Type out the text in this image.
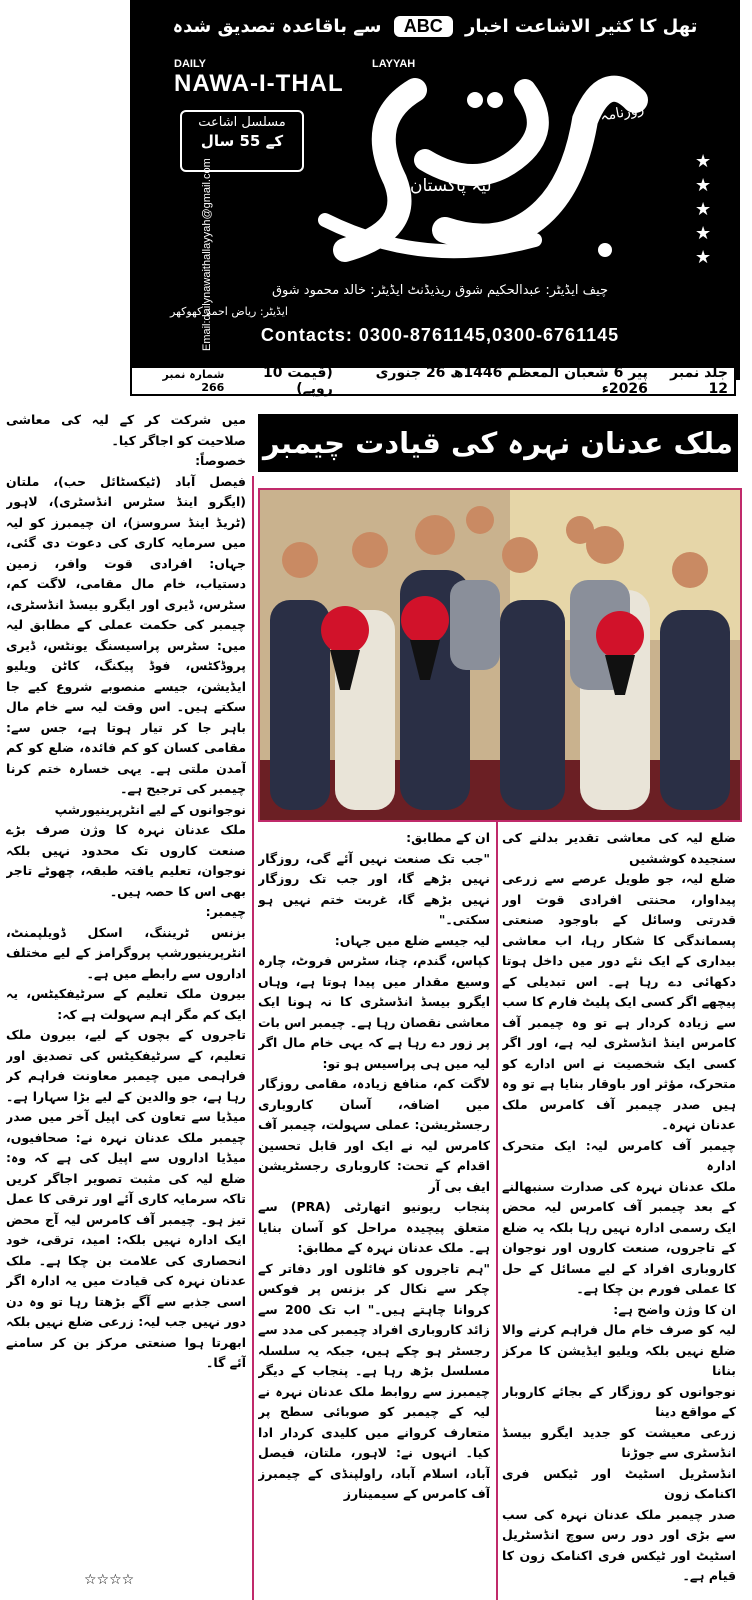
تھل کا کثیر الاشاعت اخبار ABC سے باقاعدہ تصدیق شدہ
DAILY	LAYYAH
NAWA-I-THAL
Email:dailynawaithallayyah@gmail.com
مسلسل اشاعت
کے 55 سال
روزنامہ
لیہ پاکستان
★
★
★
★
★
چیف ایڈیٹر: عبدالحکیم شوق ریذیڈنٹ ایڈیٹر: خالد محمود شوق
ایڈیٹر: ریاض احمد کھوکھر
Contacts: 0300-8761145,0300-6761145
جلد نمبر 12
پیر 6 شعبان المعظم 1446ھ 26 جنوری 2026ء
(قیمت 10 روپے)
شمارہ نمبر 266
ملک عدنان نہرہ کی قیادت چیمبر
میں شرکت کر کے لیہ کی معاشی صلاحیت کو اجاگر کیا۔
خصوصاً:
فیصل آباد (ٹیکسٹائل حب)، ملتان (ایگرو اینڈ سٹرس انڈسٹری)، لاہور (ٹریڈ اینڈ سروسز)، ان چیمبرز کو لیہ میں سرمایہ کاری کی دعوت دی گئی، جہاں: افرادی قوت وافر، زمین دستیاب، خام مال مقامی، لاگت کم، سٹرس، ڈیری اور ایگرو بیسڈ انڈسٹری، چیمبر کی حکمت عملی کے مطابق لیہ میں: سٹرس پراسیسنگ یونٹس، ڈیری پروڈکٹس، فوڈ پیکنگ، کاٹن ویلیو ایڈیشن، جیسے منصوبے شروع کیے جا سکتے ہیں۔ اس وقت لیہ سے خام مال باہر جا کر تیار ہوتا ہے، جس سے: مقامی کسان کو کم فائدہ، ضلع کو کم آمدن ملتی ہے۔ یہی خسارہ ختم کرنا چیمبر کی ترجیح ہے۔
نوجوانوں کے لیے انٹرپرینیورشپ
ملک عدنان نہرہ کا وژن صرف بڑے صنعت کاروں تک محدود نہیں بلکہ نوجوان، تعلیم یافتہ طبقہ، چھوٹے تاجر بھی اس کا حصہ ہیں۔
چیمبر:
بزنس ٹریننگ، اسکل ڈویلپمنٹ، انٹرپرینیورشپ پروگرامز کے لیے مختلف اداروں سے رابطے میں ہے۔
بیرون ملک تعلیم کے سرٹیفکیٹس، یہ ایک کم مگر اہم سہولت ہے کہ:
تاجروں کے بچوں کے لیے، بیرون ملک تعلیم، کے سرٹیفکیٹس کی تصدیق اور فراہمی میں چیمبر معاونت فراہم کر رہا ہے، جو والدین کے لیے بڑا سہارا ہے۔ میڈیا سے تعاون کی اپیل آخر میں صدر چیمبر ملک عدنان نہرہ نے: صحافیوں، میڈیا اداروں سے اپیل کی ہے کہ وہ: ضلع لیہ کی مثبت تصویر اجاگر کریں تاکہ سرمایہ کاری آئے اور ترقی کا عمل تیز ہو۔ چیمبر آف کامرس لیہ آج محض ایک ادارہ نہیں بلکہ: امید، ترقی، خود انحصاری کی علامت بن چکا ہے۔ ملک عدنان نہرہ کی قیادت میں یہ ادارہ اگر اسی جذبے سے آگے بڑھتا رہا تو وہ دن دور نہیں جب لیہ: زرعی ضلع نہیں بلکہ ابھرتا ہوا صنعتی مرکز بن کر سامنے آئے گا۔
ان کے مطابق:
"جب تک صنعت نہیں آئے گی، روزگار نہیں بڑھے گا، اور جب تک روزگار نہیں بڑھے گا، غربت ختم نہیں ہو سکتی۔"
لیہ جیسے ضلع میں جہاں:
کپاس، گندم، چنا، سٹرس فروٹ، چارہ وسیع مقدار میں پیدا ہوتا ہے، وہاں ایگرو بیسڈ انڈسٹری کا نہ ہونا ایک معاشی نقصان رہا ہے۔ چیمبر اس بات پر زور دے رہا ہے کہ یہی خام مال اگر لیہ میں ہی پراسیس ہو تو:
لاگت کم، منافع زیادہ، مقامی روزگار میں اضافہ، آسان کاروباری رجسٹریشن: عملی سہولت، چیمبر آف کامرس لیہ نے ایک اور قابل تحسین اقدام کے تحت: کاروباری رجسٹریشن ایف بی آر
پنجاب ریونیو اتھارٹی (PRA) سے متعلق پیچیدہ مراحل کو آسان بنایا ہے۔ ملک عدنان نہرہ کے مطابق:
"ہم تاجروں کو فائلوں اور دفاتر کے چکر سے نکال کر بزنس پر فوکس کروانا چاہتے ہیں۔" اب تک 200 سے زائد کاروباری افراد چیمبر کی مدد سے رجسٹر ہو چکے ہیں، جبکہ یہ سلسلہ مسلسل بڑھ رہا ہے۔ پنجاب کے دیگر چیمبرز سے روابط ملک عدنان نہرہ نے لیہ کے چیمبر کو صوبائی سطح پر متعارف کروانے میں کلیدی کردار ادا کیا۔ انہوں نے: لاہور، ملتان، فیصل آباد، اسلام آباد، راولپنڈی کے چیمبرز آف کامرس کے سیمینارز
ضلع لیہ کی معاشی تقدیر بدلنے کی سنجیدہ کوششیں
ضلع لیہ، جو طویل عرصے سے زرعی پیداوار، محنتی افرادی قوت اور قدرتی وسائل کے باوجود صنعتی پسماندگی کا شکار رہا، اب معاشی بیداری کے ایک نئے دور میں داخل ہوتا دکھائی دے رہا ہے۔ اس تبدیلی کے پیچھے اگر کسی ایک پلیٹ فارم کا سب سے زیادہ کردار ہے تو وہ چیمبر آف کامرس اینڈ انڈسٹری لیہ ہے، اور اگر کسی ایک شخصیت نے اس ادارے کو متحرک، مؤثر اور باوقار بنایا ہے تو وہ ہیں صدر چیمبر آف کامرس ملک عدنان نہرہ۔
چیمبر آف کامرس لیہ: ایک متحرک ادارہ
ملک عدنان نہرہ کی صدارت سنبھالنے کے بعد چیمبر آف کامرس لیہ محض ایک رسمی ادارہ نہیں رہا بلکہ یہ ضلع کے تاجروں، صنعت کاروں اور نوجوان کاروباری افراد کے لیے مسائل کے حل کا عملی فورم بن چکا ہے۔
ان کا وژن واضح ہے:
لیہ کو صرف خام مال فراہم کرنے والا ضلع نہیں بلکہ ویلیو ایڈیشن کا مرکز بنانا
نوجوانوں کو روزگار کے بجائے کاروبار کے مواقع دینا
زرعی معیشت کو جدید ایگرو بیسڈ انڈسٹری سے جوڑنا
انڈسٹریل اسٹیٹ اور ٹیکس فری اکنامک زون
صدر چیمبر ملک عدنان نہرہ کی سب سے بڑی اور دور رس سوچ انڈسٹریل اسٹیٹ اور ٹیکس فری اکنامک زون کا قیام ہے۔
☆☆☆☆
